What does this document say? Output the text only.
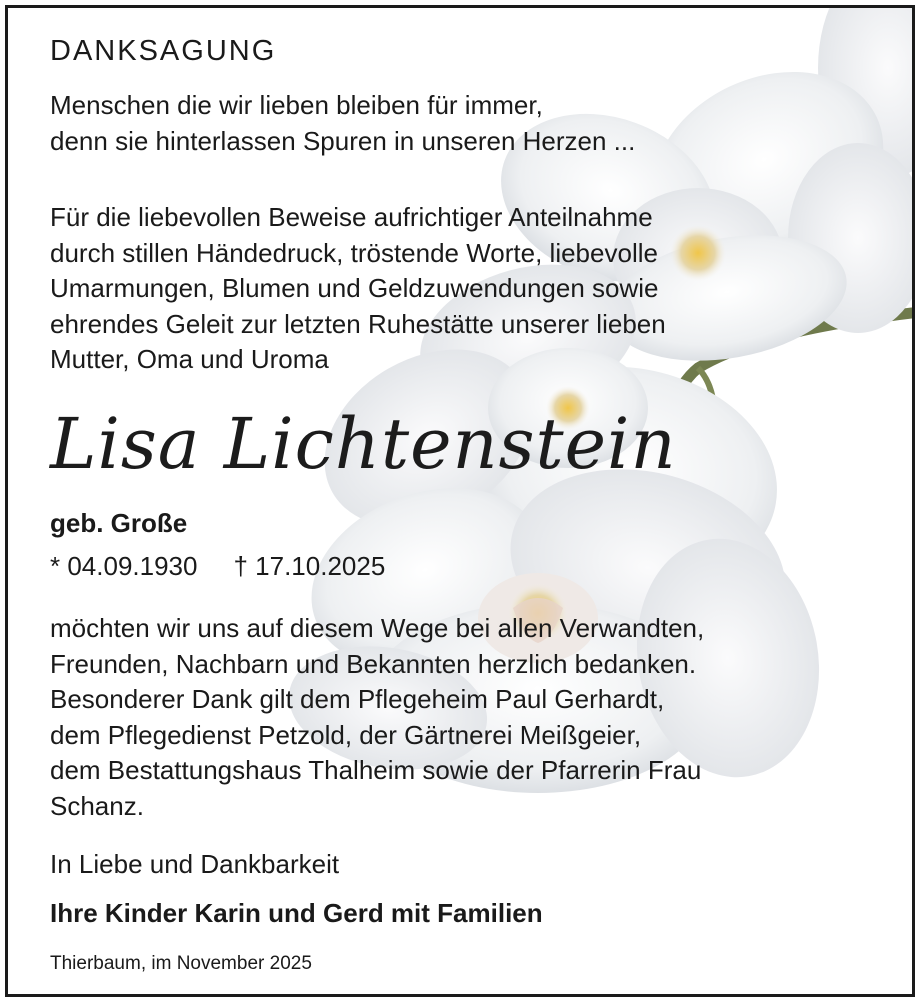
DANKSAGUNG
Menschen die wir lieben bleiben für immer,
denn sie hinterlassen Spuren in unseren Herzen ...
Für die liebevollen Beweise aufrichtiger Anteilnahme
durch stillen Händedruck, tröstende Worte, liebevolle
Umarmungen, Blumen und Geldzuwendungen sowie
ehrendes Geleit zur letzten Ruhestätte unserer lieben
Mutter, Oma und Uroma
Lisa Lichtenstein
geb. Große
* 04.09.1930 † 17.10.2025
möchten wir uns auf diesem Wege bei allen Verwandten,
Freunden, Nachbarn und Bekannten herzlich bedanken.
Besonderer Dank gilt dem Pflegeheim Paul Gerhardt,
dem Pflegedienst Petzold, der Gärtnerei Meißgeier,
dem Bestattungshaus Thalheim sowie der Pfarrerin Frau
Schanz.
In Liebe und Dankbarkeit
Ihre Kinder Karin und Gerd mit Familien
Thierbaum, im November 2025
